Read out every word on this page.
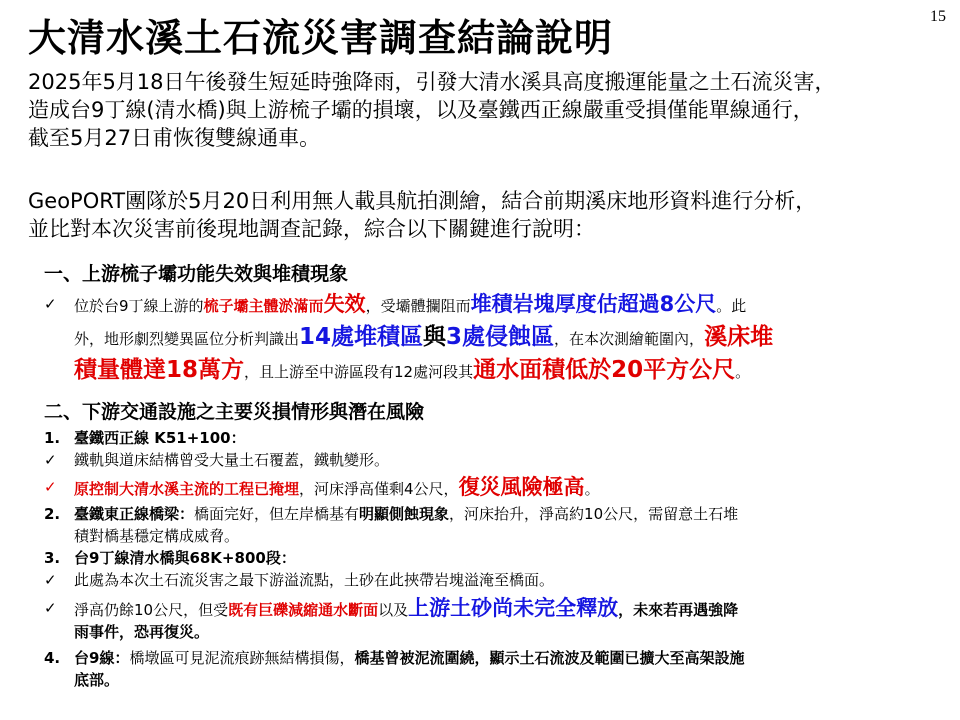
15
大清水溪土石流災害調查結論說明

2025年5月18日午後發生短延時強降雨，引發大清水溪具高度搬運能量之土石流災害，

造成台9丁線(清水橋)與上游梳子壩的損壞，以及臺鐵西正線嚴重受損僅能單線通行，

截至5月27日甫恢復雙線通車。

GeoPORT團隊於5月20日利用無人載具航拍測繪，結合前期溪床地形資料進行分析，

並比對本次災害前後現地調查記錄，綜合以下關鍵進行說明：

一、上游梳子壩功能失效與堆積現象
✓ 位於台9丁線上游的梳子壩主體淤滿而失效，受壩體攔阻而堆積岩塊厚度估超過8公尺。此
外，地形劇烈變異區位分析判識出14處堆積區與3處侵蝕區，在本次測繪範圍內，溪床堆
積量體達18萬方，且上游至中游區段有12處河段其通水面積低於20平方公尺。
二、下游交通設施之主要災損情形與潛在風險
1. 臺鐵西正線 K51+100：
✓ 鐵軌與道床結構曾受大量土石覆蓋，鐵軌變形。
✓ 原控制大清水溪主流的工程已掩埋，河床淨高僅剩4公尺，復災風險極高。
2. 臺鐵東正線橋梁：橋面完好，但左岸橋基有明顯側蝕現象，河床抬升，淨高約10公尺，需留意土石堆
積對橋基穩定構成威脅。
3. 台9丁線清水橋與68K+800段：
✓ 此處為本次土石流災害之最下游溢流點，土砂在此挾帶岩塊溢淹至橋面。
✓ 淨高仍餘10公尺，但受既有巨礫減縮通水斷面以及上游土砂尚未完全釋放，未來若再遇強降
雨事件，恐再復災。
4. 台9線：橋墩區可見泥流痕跡無結構損傷，橋基曾被泥流圍繞，顯示土石流波及範圍已擴大至高架設施
底部。
